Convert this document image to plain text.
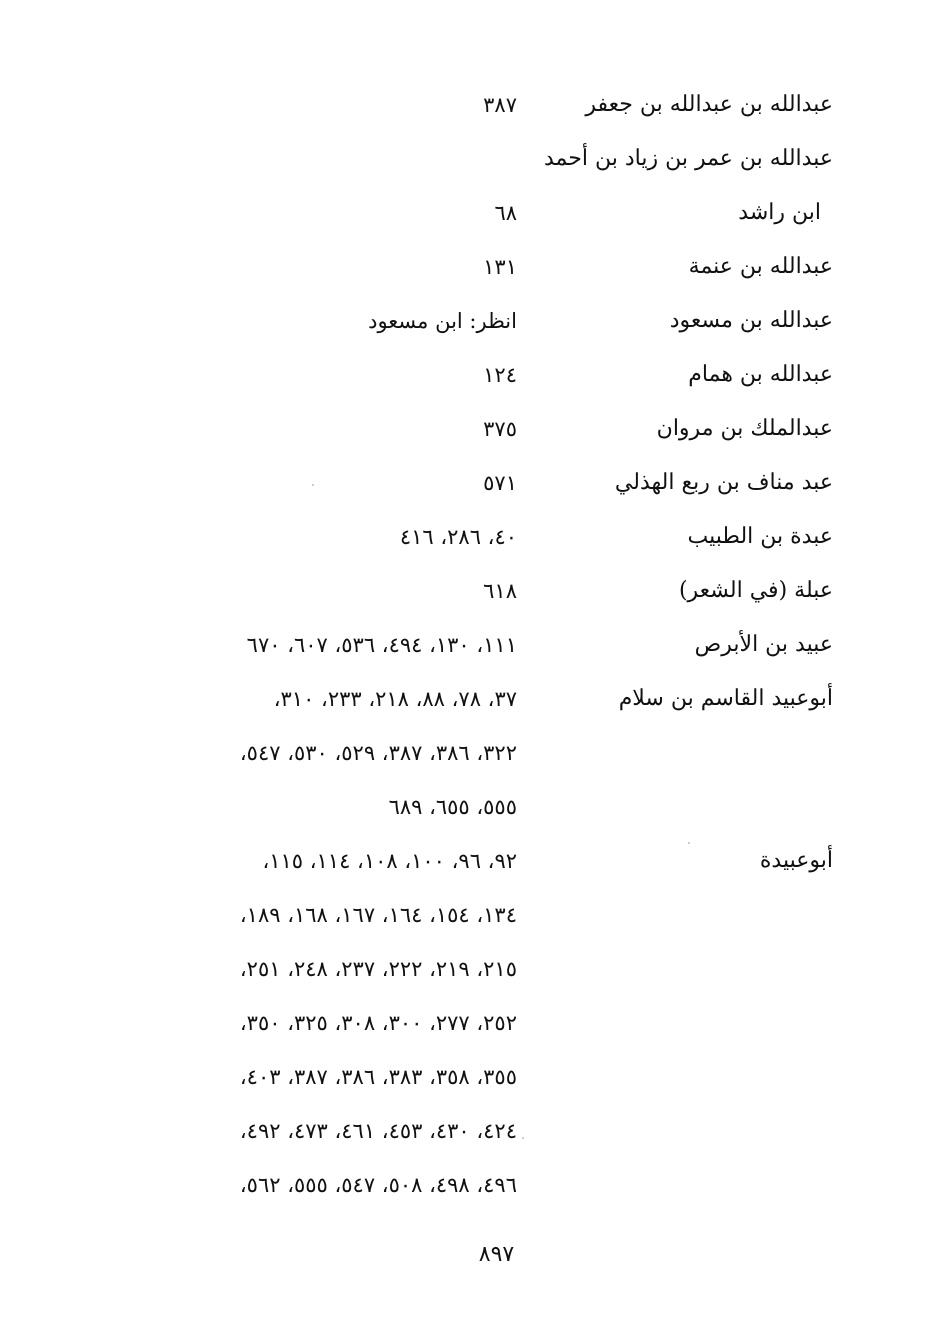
عبدالله بن عبدالله بن جعفر
٣٨٧
عبدالله بن عمر بن زياد بن أحمد
ابن راشد
٦٨
عبدالله بن عنمة
١٣١
عبدالله بن مسعود
انظر: ابن مسعود
عبدالله بن همام
١٢٤
عبدالملك بن مروان
٣٧٥
عبد مناف بن ربع الهذلي
٥٧١
عبدة بن الطبيب
٤٠، ٢٨٦، ٤١٦
عبلة (في الشعر)
٦١٨
عبيد بن الأبرص
١١١، ١٣٠، ٤٩٤، ٥٣٦، ٦٠٧، ٦٧٠
أبوعبيد القاسم بن سلام
٣٧، ٧٨، ٨٨، ٢١٨، ٢٣٣، ٣١٠،
٣٢٢، ٣٨٦، ٣٨٧، ٥٢٩، ٥٣٠، ٥٤٧،
٥٥٥، ٦٥٥، ٦٨٩
أبوعبيدة
٩٢، ٩٦، ١٠٠، ١٠٨، ١١٤، ١١٥،
١٣٤، ١٥٤، ١٦٤، ١٦٧، ١٦٨، ١٨٩،
٢١٥، ٢١٩، ٢٢٢، ٢٣٧، ٢٤٨، ٢٥١،
٢٥٢، ٢٧٧، ٣٠٠، ٣٠٨، ٣٢٥، ٣٥٠،
٣٥٥، ٣٥٨، ٣٨٣، ٣٨٦، ٣٨٧، ٤٠٣،
٤٢٤، ٤٣٠، ٤٥٣، ٤٦١، ٤٧٣، ٤٩٢،
٤٩٦، ٤٩٨، ٥٠٨، ٥٤٧، ٥٥٥، ٥٦٢،
٨٩٧
